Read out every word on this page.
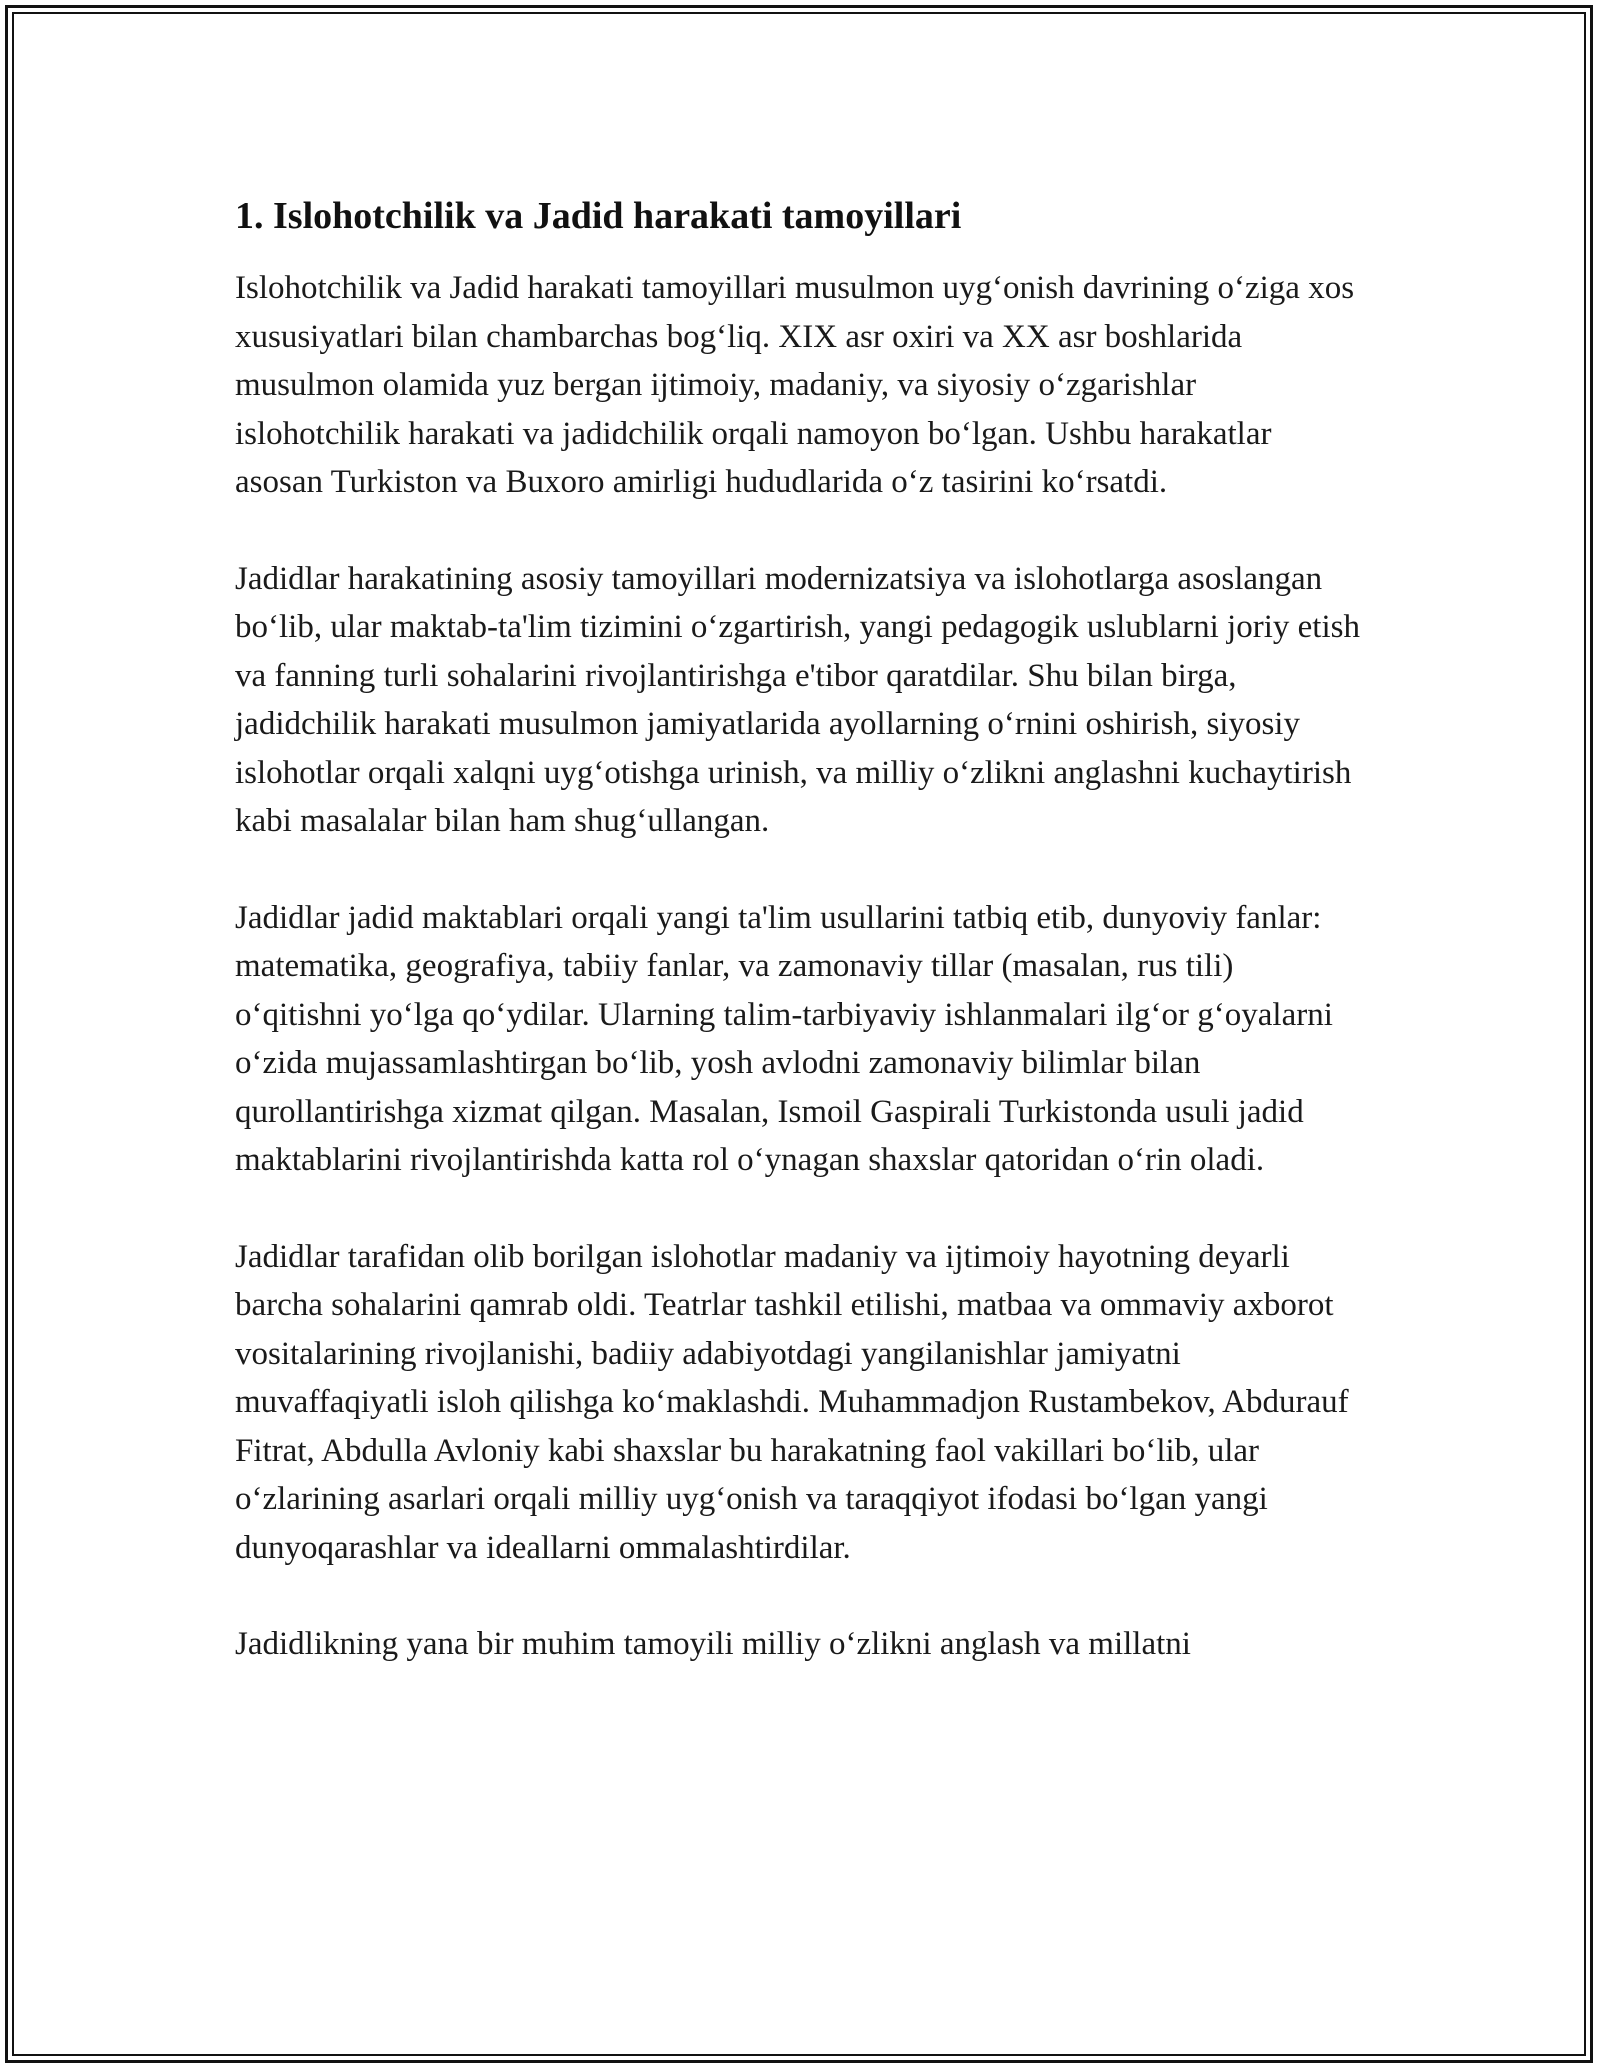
1. Islohotchilik va Jadid harakati tamoyillari

Islohotchilik va Jadid harakati tamoyillari musulmon uyg‘onish davrining o‘ziga xos xususiyatlari bilan chambarchas bog‘liq. XIX asr oxiri va XX asr boshlarida musulmon olamida yuz bergan ijtimoiy, madaniy, va siyosiy o‘zgarishlar islohotchilik harakati va jadidchilik orqali namoyon bo‘lgan. Ushbu harakatlar asosan Turkiston va Buxoro amirligi hududlarida o‘z tasirini ko‘rsatdi.

Jadidlar harakatining asosiy tamoyillari modernizatsiya va islohotlarga asoslangan bo‘lib, ular maktab-ta'lim tizimini o‘zgartirish, yangi pedagogik uslublarni joriy etish va fanning turli sohalarini rivojlantirishga e'tibor qaratdilar. Shu bilan birga, jadidchilik harakati musulmon jamiyatlarida ayollarning o‘rnini oshirish, siyosiy islohotlar orqali xalqni uyg‘otishga urinish, va milliy o‘zlikni anglashni kuchaytirish kabi masalalar bilan ham shug‘ullangan.

Jadidlar jadid maktablari orqali yangi ta'lim usullarini tatbiq etib, dunyoviy fanlar: matematika, geografiya, tabiiy fanlar, va zamonaviy tillar (masalan, rus tili) o‘qitishni yo‘lga qo‘ydilar. Ularning talim-tarbiyaviy ishlanmalari ilg‘or g‘oyalarni o‘zida mujassamlashtirgan bo‘lib, yosh avlodni zamonaviy bilimlar bilan qurollantirishga xizmat qilgan. Masalan, Ismoil Gaspirali Turkistonda usuli jadid maktablarini rivojlantirishda katta rol o‘ynagan shaxslar qatoridan o‘rin oladi.

Jadidlar tarafidan olib borilgan islohotlar madaniy va ijtimoiy hayotning deyarli barcha sohalarini qamrab oldi. Teatrlar tashkil etilishi, matbaa va ommaviy axborot vositalarining rivojlanishi, badiiy adabiyotdagi yangilanishlar jamiyatni muvaffaqiyatli isloh qilishga ko‘maklashdi. Muhammadjon Rustambekov, Abdurauf Fitrat, Abdulla Avloniy kabi shaxslar bu harakatning faol vakillari bo‘lib, ular o‘zlarining asarlari orqali milliy uyg‘onish va taraqqiyot ifodasi bo‘lgan yangi dunyoqarashlar va ideallarni ommalashtirdilar.

Jadidlikning yana bir muhim tamoyili milliy o‘zlikni anglash va millatni
